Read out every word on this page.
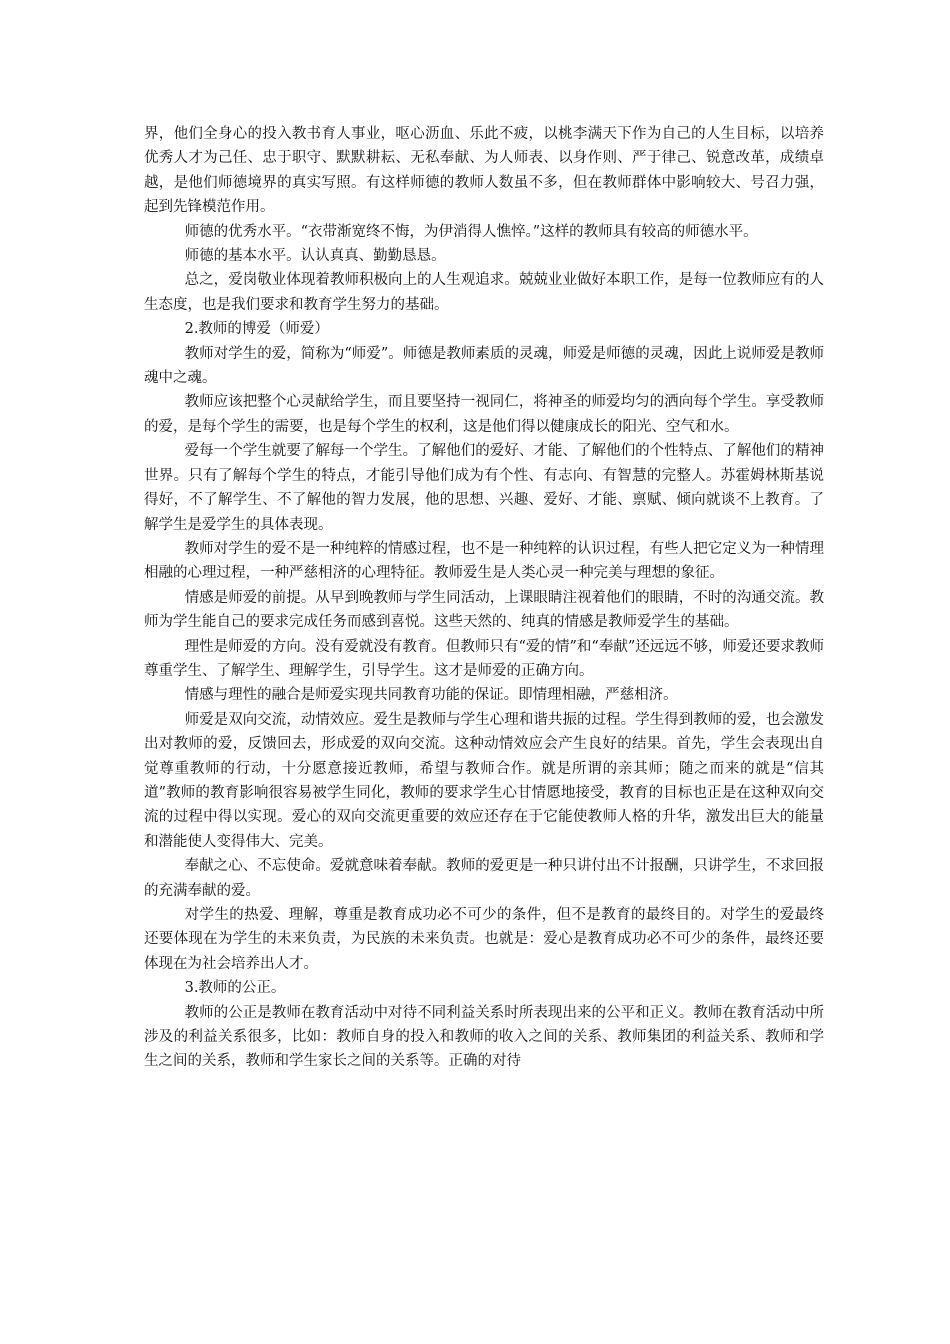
界，他们全身心的投入教书育人事业，呕心沥血、乐此不疲，以桃李满天下作为自己的人生目标，以培养优秀人才为己任、忠于职守、默默耕耘、无私奉献、为人师表、以身作则、严于律己、锐意改革，成绩卓越，是他们师德境界的真实写照。有这样师德的教师人数虽不多，但在教师群体中影响较大、号召力强，起到先锋模范作用。

师德的优秀水平。“衣带渐宽终不悔，为伊消得人憔悴。”这样的教师具有较高的师德水平。

师德的基本水平。认认真真、勤勤恳恳。

总之，爱岗敬业体现着教师积极向上的人生观追求。兢兢业业做好本职工作，是每一位教师应有的人生态度，也是我们要求和教育学生努力的基础。

2.教师的博爱（师爱）

教师对学生的爱，简称为“师爱”。师德是教师素质的灵魂，师爱是师德的灵魂，因此上说师爱是教师魂中之魂。

教师应该把整个心灵献给学生，而且要坚持一视同仁，将神圣的师爱均匀的洒向每个学生。享受教师的爱，是每个学生的需要，也是每个学生的权利，这是他们得以健康成长的阳光、空气和水。

爱每一个学生就要了解每一个学生。了解他们的爱好、才能、了解他们的个性特点、了解他们的精神世界。只有了解每个学生的特点，才能引导他们成为有个性、有志向、有智慧的完整人。苏霍姆林斯基说得好，不了解学生、不了解他的智力发展，他的思想、兴趣、爱好、才能、禀赋、倾向就谈不上教育。了解学生是爱学生的具体表现。

教师对学生的爱不是一种纯粹的情感过程，也不是一种纯粹的认识过程，有些人把它定义为一种情理相融的心理过程，一种严慈相济的心理特征。教师爱生是人类心灵一种完美与理想的象征。

情感是师爱的前提。从早到晚教师与学生同活动，上课眼睛注视着他们的眼睛，不时的沟通交流。教师为学生能自己的要求完成任务而感到喜悦。这些天然的、纯真的情感是教师爱学生的基础。

理性是师爱的方向。没有爱就没有教育。但教师只有“爱的情”和“奉献”还远远不够，师爱还要求教师尊重学生、了解学生、理解学生，引导学生。这才是师爱的正确方向。

情感与理性的融合是师爱实现共同教育功能的保证。即情理相融，严慈相济。

师爱是双向交流，动情效应。爱生是教师与学生心理和谐共振的过程。学生得到教师的爱，也会激发出对教师的爱，反馈回去，形成爱的双向交流。这种动情效应会产生良好的结果。首先，学生会表现出自觉尊重教师的行动，十分愿意接近教师，希望与教师合作。就是所谓的亲其师；随之而来的就是“信其道”教师的教育影响很容易被学生同化，教师的要求学生心甘情愿地接受，教育的目标也正是在这种双向交流的过程中得以实现。爱心的双向交流更重要的效应还存在于它能使教师人格的升华，激发出巨大的能量和潜能使人变得伟大、完美。

奉献之心、不忘使命。爱就意味着奉献。教师的爱更是一种只讲付出不计报酬，只讲学生，不求回报的充满奉献的爱。

对学生的热爱、理解，尊重是教育成功必不可少的条件，但不是教育的最终目的。对学生的爱最终 还要体现在为学生的未来负责，为民族的未来负责。也就是：爱心是教育成功必不可少的条件，最终还要体现在为社会培养出人才。

3.教师的公正。

教师的公正是教师在教育活动中对待不同利益关系时所表现出来的公平和正义。教师在教育活动中所涉及的利益关系很多，比如：教师自身的投入和教师的收入之间的关系、教师集团的利益关系、教师和学生之间的关系，教师和学生家长之间的关系等。正确的对待
